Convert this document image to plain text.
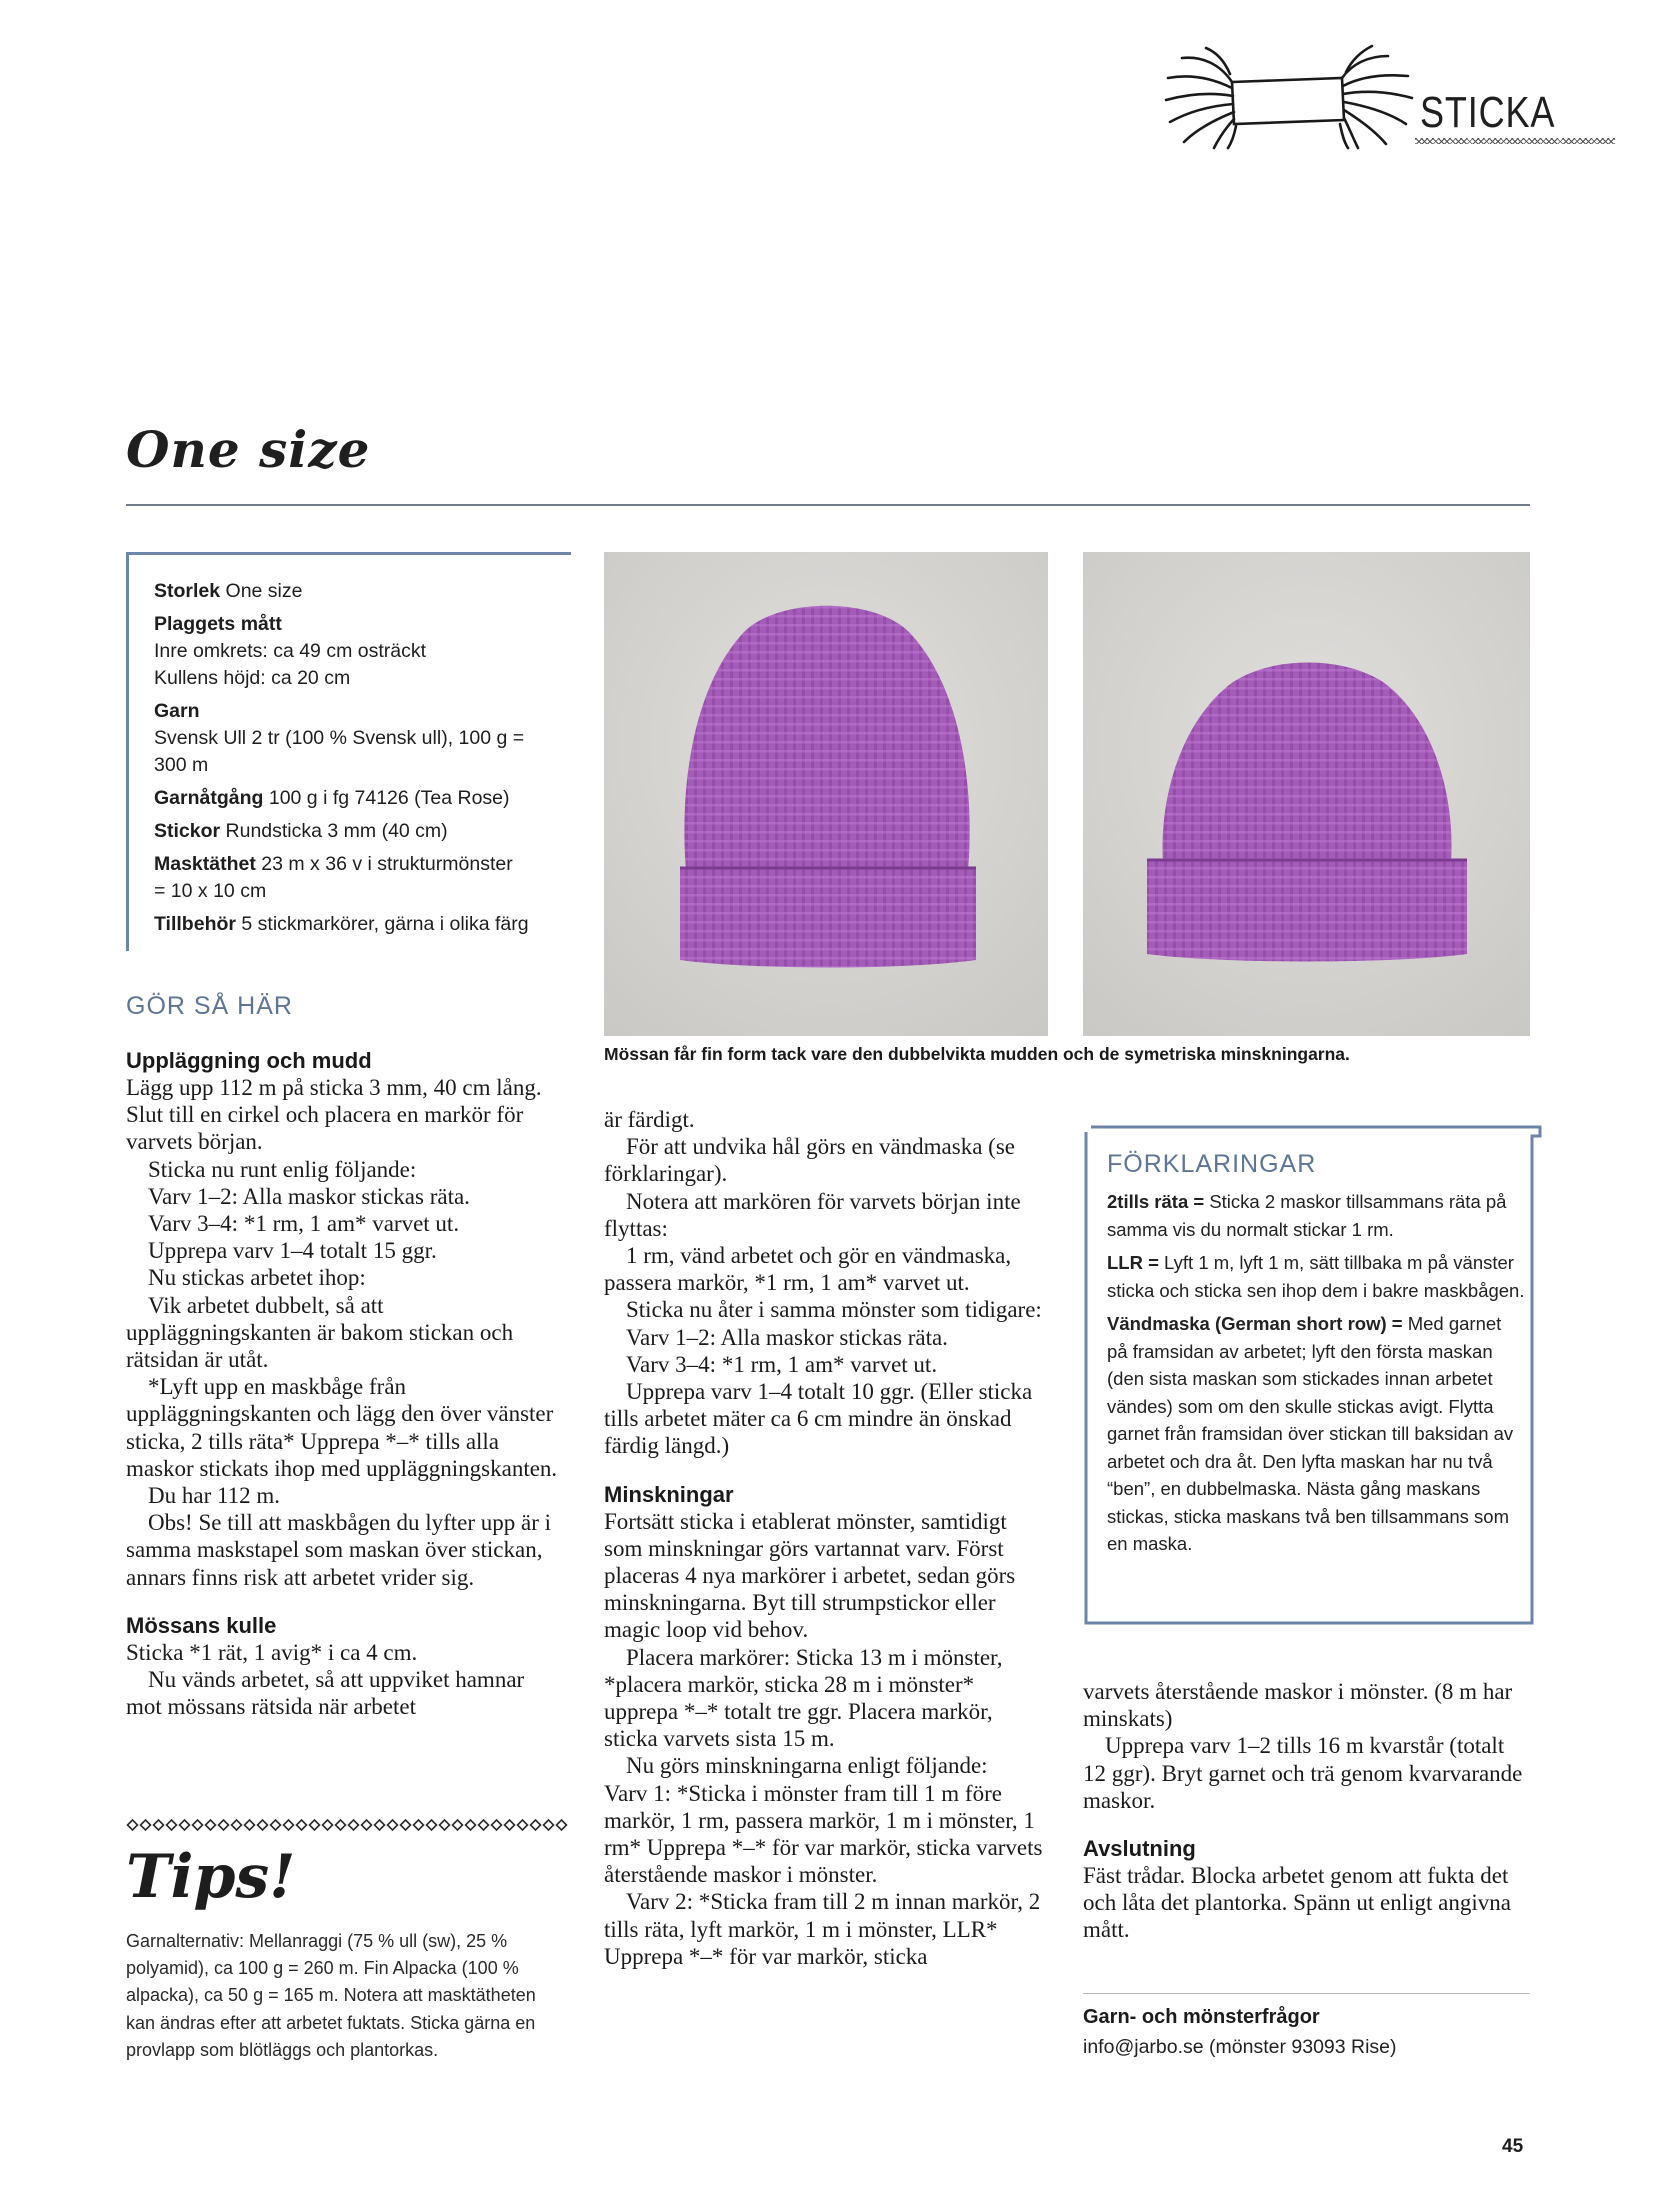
STICKA
One size
Storlek One size
Plaggets mått
Inre omkrets: ca 49 cm osträckt
Kullens höjd: ca 20 cm
Garn
Svensk Ull 2 tr (100 % Svensk ull), 100 g =
300 m
Garnåtgång 100 g i fg 74126 (Tea Rose)
Stickor Rundsticka 3 mm (40 cm)
Masktäthet 23 m x 36 v i strukturmönster
= 10 x 10 cm
Tillbehör 5 stickmarkörer, gärna i olika färg
GÖR SÅ HÄR
Uppläggning och mudd

Lägg upp 112 m på sticka 3 mm, 40 cm lång. Slut till en cirkel och placera en markör för varvets början.

Sticka nu runt enlig följande:

Varv 1–2: Alla maskor stickas räta.

Varv 3–4: *1 rm, 1 am* varvet ut.

Upprepa varv 1–4 totalt 15 ggr.

Nu stickas arbetet ihop:

Vik arbetet dubbelt, så att uppläggningskanten är bakom stickan och rätsidan är utåt.

*Lyft upp en maskbåge från uppläggningskanten och lägg den över vänster sticka, 2 tills räta* Upprepa *–* tills alla maskor stickats ihop med uppläggningskanten.

Du har 112 m.

Obs! Se till att maskbågen du lyfter upp är i samma maskstapel som maskan över stickan, annars finns risk att arbetet vrider sig.

Mössans kulle

Sticka *1 rät, 1 avig* i ca 4 cm.

Nu vänds arbetet, så att uppviket hamnar mot mössans rätsida när arbetet

Mössan får fin form tack vare den dubbelvikta mudden och de symetriska minskningarna.

är färdigt.

För att undvika hål görs en vändmaska (se förklaringar).

Notera att markören för varvets början inte flyttas:

1 rm, vänd arbetet och gör en vändmaska, passera markör, *1 rm, 1 am* varvet ut.

Sticka nu åter i samma mönster som tidigare:

Varv 1–2: Alla maskor stickas räta.

Varv 3–4: *1 rm, 1 am* varvet ut.

Upprepa varv 1–4 totalt 10 ggr. (Eller sticka tills arbetet mäter ca 6 cm mindre än önskad färdig längd.)

Minskningar

Fortsätt sticka i etablerat mönster, samtidigt som minskningar görs vartannat varv. Först placeras 4 nya markörer i arbetet, sedan görs minskningarna. Byt till strumpstickor eller magic loop vid behov.

Placera markörer: Sticka 13 m i mönster, *placera markör, sticka 28 m i mönster* upprepa *–* totalt tre ggr. Placera markör, sticka varvets sista 15 m.

Nu görs minskningarna enligt följande:

Varv 1: *Sticka i mönster fram till 1 m före markör, 1 rm, passera markör, 1 m i mönster, 1 rm* Upprepa *–* för var markör, sticka varvets återstående maskor i mönster.

Varv 2: *Sticka fram till 2 m innan markör, 2 tills räta, lyft markör, 1 m i mönster, LLR* Upprepa *–* för var markör, sticka

FÖRKLARINGAR
2tills räta = Sticka 2 maskor tillsammans räta på samma vis du normalt stickar 1 rm.
LLR = Lyft 1 m, lyft 1 m, sätt tillbaka m på vänster sticka och sticka sen ihop dem i bakre maskbågen.
Vändmaska (German short row) = Med garnet på framsidan av arbetet; lyft den första maskan (den sista maskan som stickades innan arbetet vändes) som om den skulle stickas avigt. Flytta garnet från framsidan över stickan till baksidan av arbetet och dra åt. Den lyfta maskan har nu två “ben”, en dubbelmaska. Nästa gång maskans stickas, sticka maskans två ben tillsammans som en maska.

varvets återstående maskor i mönster. (8 m har minskats)

Upprepa varv 1–2 tills 16 m kvarstår (totalt 12 ggr). Bryt garnet och trä genom kvarvarande maskor.

Avslutning

Fäst trådar. Blocka arbetet genom att fukta det och låta det plantorka. Spänn ut enligt angivna mått.

Tips!
Garnalternativ: Mellanraggi (75 % ull (sw), 25 % polyamid), ca 100 g = 260 m. Fin Alpacka (100 % alpacka), ca 50 g = 165 m. Notera att masktätheten kan ändras efter att arbetet fuktats. Sticka gärna en provlapp som blötläggs och plantorkas.
Garn- och mönsterfrågor
info@jarbo.se (mönster 93093 Rise)
45
